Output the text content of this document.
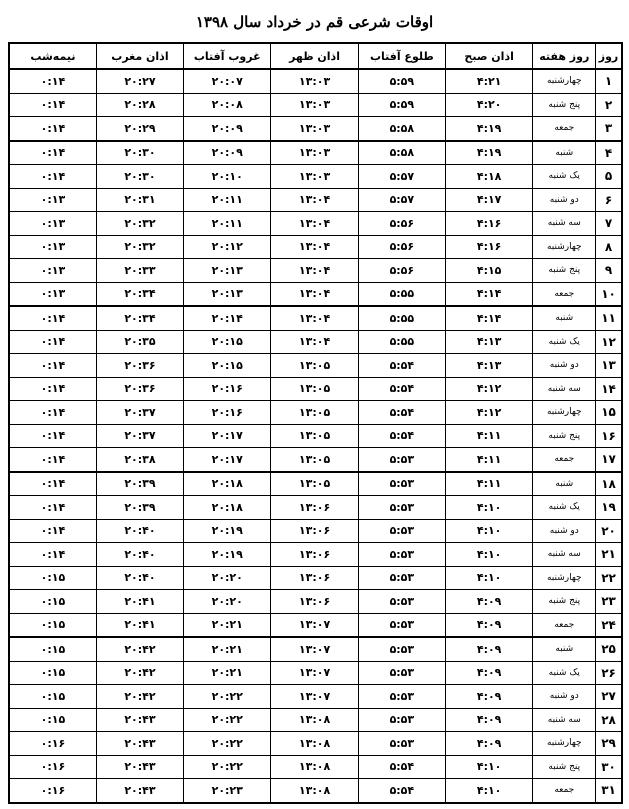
اوقات شرعی قم در خرداد سال ۱۳۹۸
روز	روز هفته	اذان صبح	طلوع آفتاب	اذان ظهر	غروب آفتاب	اذان مغرب	نیمه‌شب
۱	چهارشنبه	۴:۲۱	۵:۵۹	۱۳:۰۳	۲۰:۰۷	۲۰:۲۷	۰:۱۴
۲	پنج شنبه	۴:۲۰	۵:۵۹	۱۳:۰۳	۲۰:۰۸	۲۰:۲۸	۰:۱۴
۳	جمعه	۴:۱۹	۵:۵۸	۱۳:۰۳	۲۰:۰۹	۲۰:۲۹	۰:۱۴
۴	شنبه	۴:۱۹	۵:۵۸	۱۳:۰۳	۲۰:۰۹	۲۰:۳۰	۰:۱۴
۵	یک شنبه	۴:۱۸	۵:۵۷	۱۳:۰۳	۲۰:۱۰	۲۰:۳۰	۰:۱۴
۶	دو شنبه	۴:۱۷	۵:۵۷	۱۳:۰۴	۲۰:۱۱	۲۰:۳۱	۰:۱۳
۷	سه شنبه	۴:۱۶	۵:۵۶	۱۳:۰۴	۲۰:۱۱	۲۰:۳۲	۰:۱۳
۸	چهارشنبه	۴:۱۶	۵:۵۶	۱۳:۰۴	۲۰:۱۲	۲۰:۳۲	۰:۱۳
۹	پنج شنبه	۴:۱۵	۵:۵۶	۱۳:۰۴	۲۰:۱۳	۲۰:۳۳	۰:۱۳
۱۰	جمعه	۴:۱۴	۵:۵۵	۱۳:۰۴	۲۰:۱۳	۲۰:۳۴	۰:۱۳
۱۱	شنبه	۴:۱۴	۵:۵۵	۱۳:۰۴	۲۰:۱۴	۲۰:۳۴	۰:۱۴
۱۲	یک شنبه	۴:۱۳	۵:۵۵	۱۳:۰۴	۲۰:۱۵	۲۰:۳۵	۰:۱۴
۱۳	دو شنبه	۴:۱۳	۵:۵۴	۱۳:۰۵	۲۰:۱۵	۲۰:۳۶	۰:۱۴
۱۴	سه شنبه	۴:۱۲	۵:۵۴	۱۳:۰۵	۲۰:۱۶	۲۰:۳۶	۰:۱۴
۱۵	چهارشنبه	۴:۱۲	۵:۵۴	۱۳:۰۵	۲۰:۱۶	۲۰:۳۷	۰:۱۴
۱۶	پنج شنبه	۴:۱۱	۵:۵۴	۱۳:۰۵	۲۰:۱۷	۲۰:۳۷	۰:۱۴
۱۷	جمعه	۴:۱۱	۵:۵۳	۱۳:۰۵	۲۰:۱۷	۲۰:۳۸	۰:۱۴
۱۸	شنبه	۴:۱۱	۵:۵۳	۱۳:۰۵	۲۰:۱۸	۲۰:۳۹	۰:۱۴
۱۹	یک شنبه	۴:۱۰	۵:۵۳	۱۳:۰۶	۲۰:۱۸	۲۰:۳۹	۰:۱۴
۲۰	دو شنبه	۴:۱۰	۵:۵۳	۱۳:۰۶	۲۰:۱۹	۲۰:۴۰	۰:۱۴
۲۱	سه شنبه	۴:۱۰	۵:۵۳	۱۳:۰۶	۲۰:۱۹	۲۰:۴۰	۰:۱۴
۲۲	چهارشنبه	۴:۱۰	۵:۵۳	۱۳:۰۶	۲۰:۲۰	۲۰:۴۰	۰:۱۵
۲۳	پنج شنبه	۴:۰۹	۵:۵۳	۱۳:۰۶	۲۰:۲۰	۲۰:۴۱	۰:۱۵
۲۴	جمعه	۴:۰۹	۵:۵۳	۱۳:۰۷	۲۰:۲۱	۲۰:۴۱	۰:۱۵
۲۵	شنبه	۴:۰۹	۵:۵۳	۱۳:۰۷	۲۰:۲۱	۲۰:۴۲	۰:۱۵
۲۶	یک شنبه	۴:۰۹	۵:۵۳	۱۳:۰۷	۲۰:۲۱	۲۰:۴۲	۰:۱۵
۲۷	دو شنبه	۴:۰۹	۵:۵۳	۱۳:۰۷	۲۰:۲۲	۲۰:۴۲	۰:۱۵
۲۸	سه شنبه	۴:۰۹	۵:۵۳	۱۳:۰۸	۲۰:۲۲	۲۰:۴۳	۰:۱۵
۲۹	چهارشنبه	۴:۰۹	۵:۵۳	۱۳:۰۸	۲۰:۲۲	۲۰:۴۳	۰:۱۶
۳۰	پنج شنبه	۴:۱۰	۵:۵۴	۱۳:۰۸	۲۰:۲۲	۲۰:۴۳	۰:۱۶
۳۱	جمعه	۴:۱۰	۵:۵۴	۱۳:۰۸	۲۰:۲۳	۲۰:۴۳	۰:۱۶
